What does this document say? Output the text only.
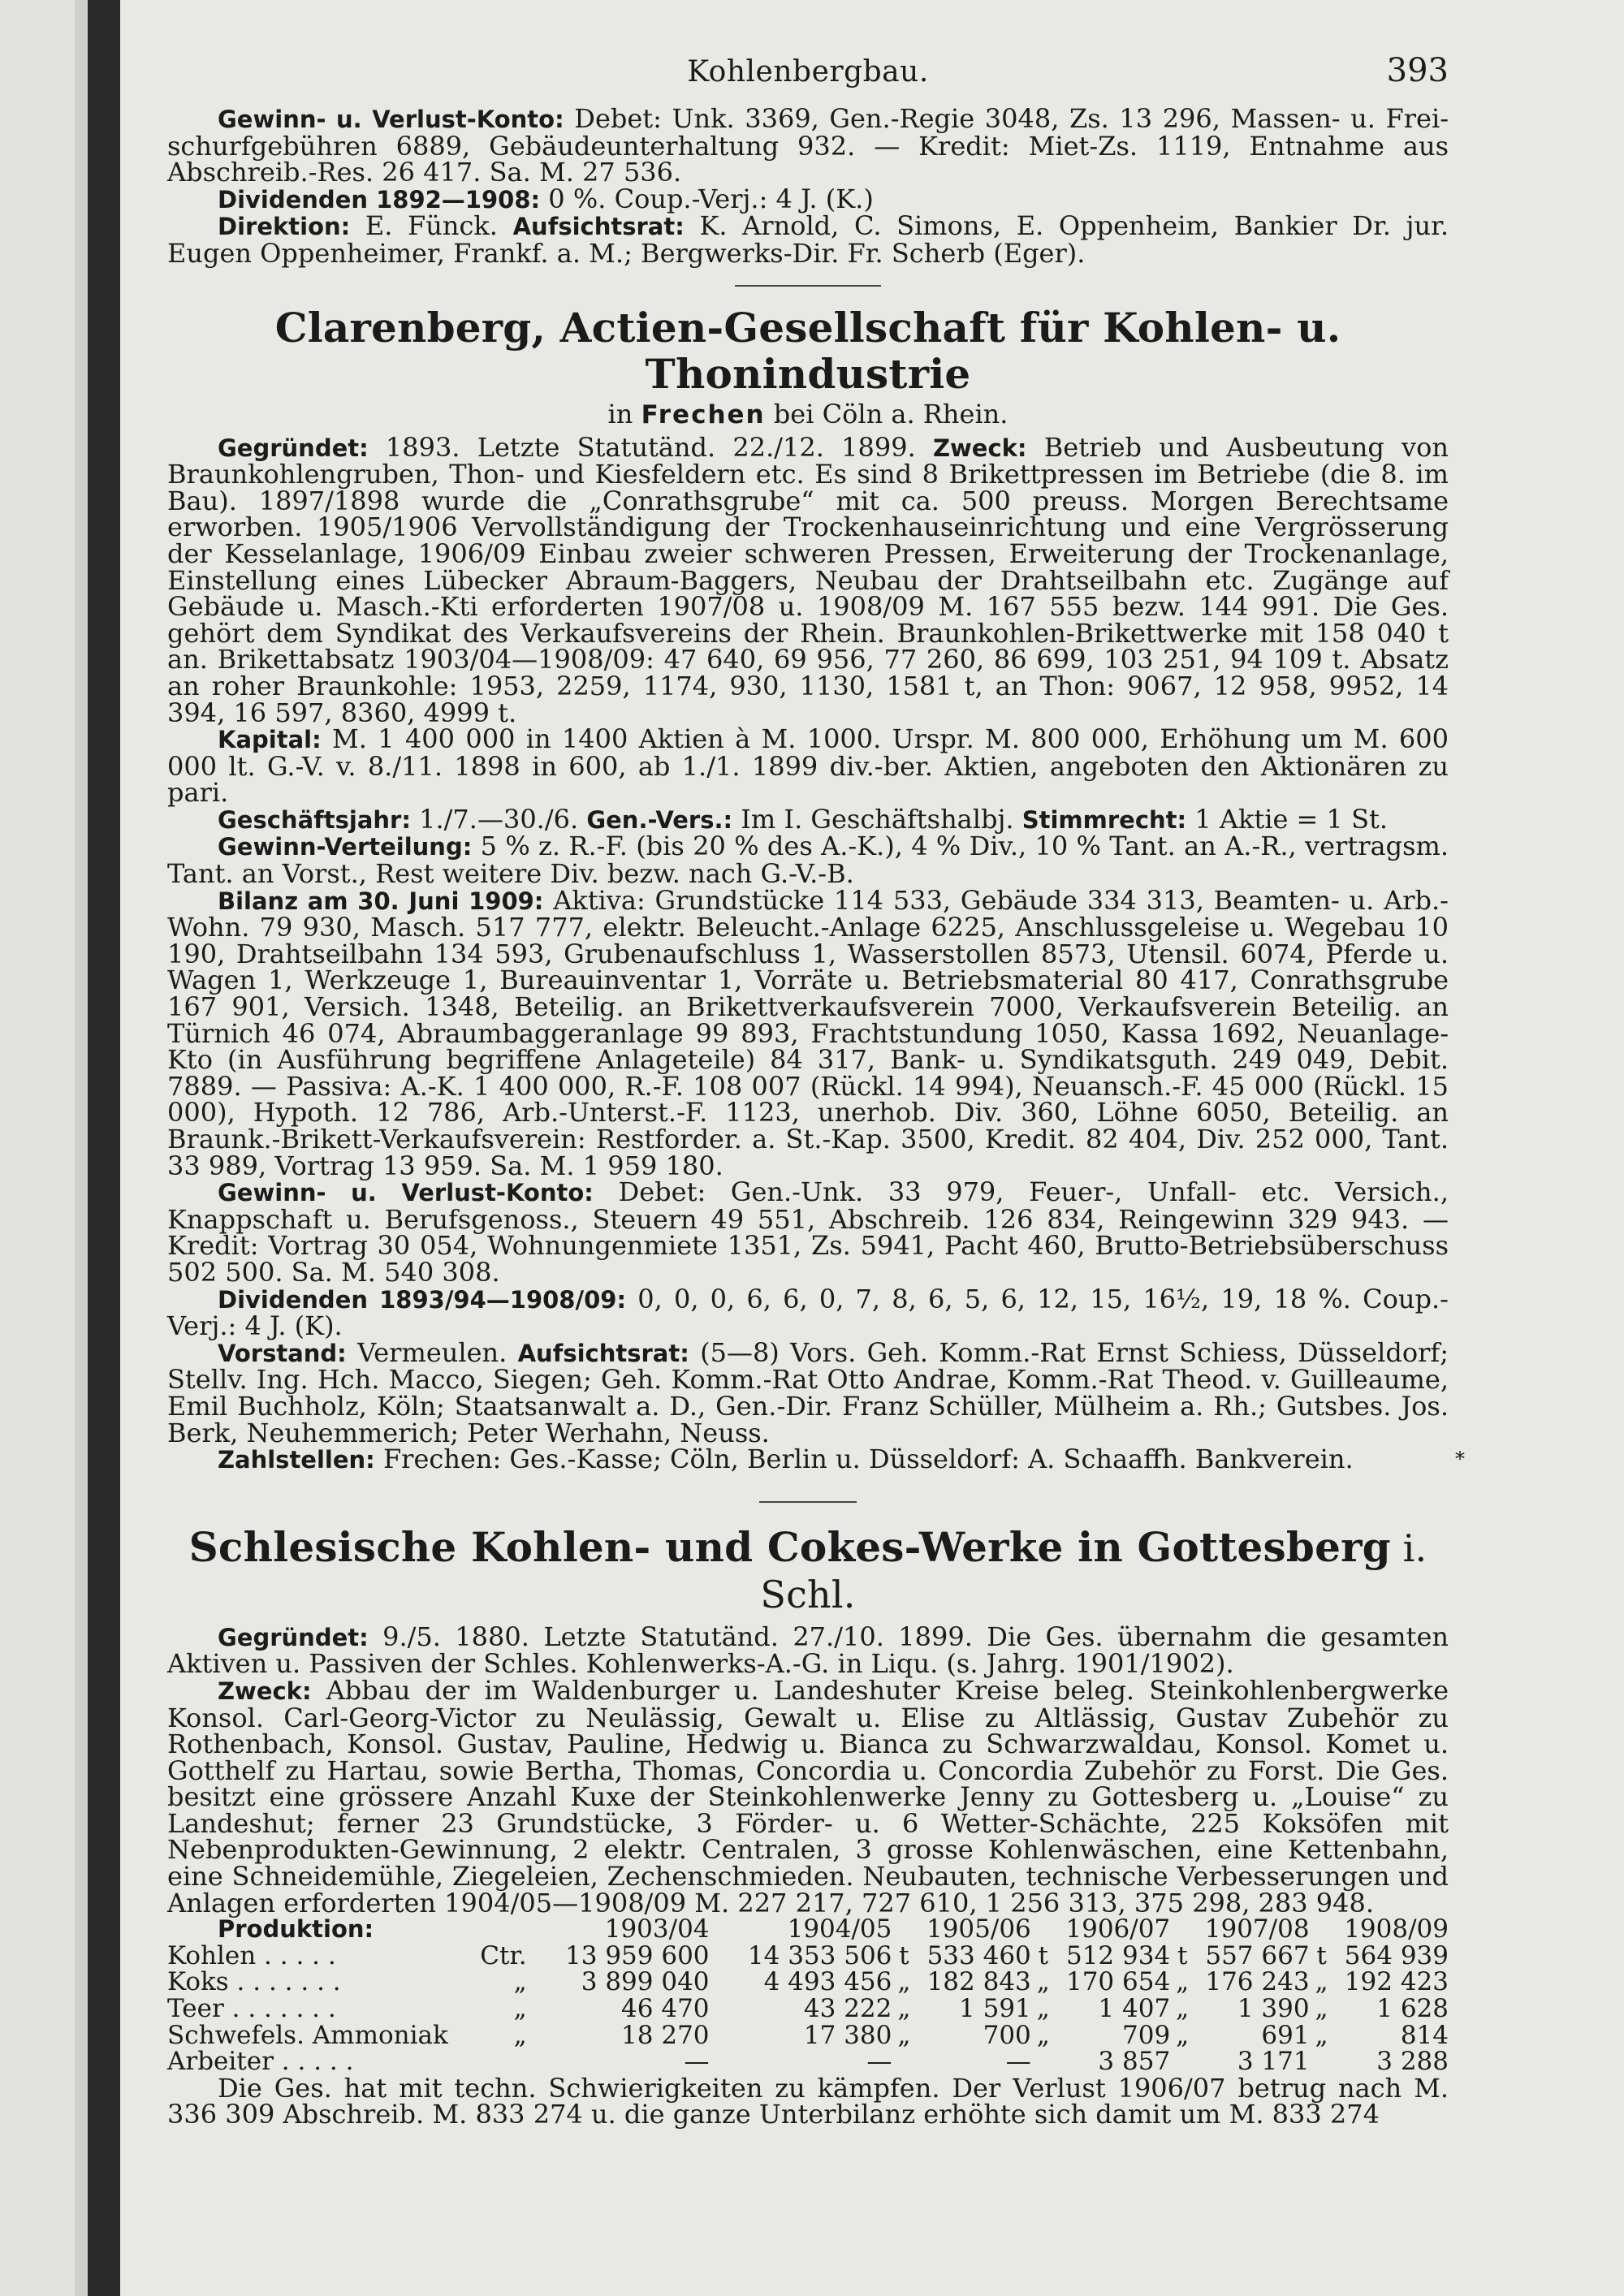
Kohlenbergbau.	393

Gewinn- u. Verlust-Konto: Debet: Unk. 3369, Gen.-Regie 3048, Zs. 13 296, Massen- u. Frei- schurfgebühren 6889, Gebäudeunterhaltung 932. — Kredit: Miet-Zs. 1119, Entnahme aus Abschreib.-Res. 26 417. Sa. M. 27 536.

Dividenden 1892—1908: 0 %. Coup.-Verj.: 4 J. (K.)

Direktion: E. Fünck. Aufsichtsrat: K. Arnold, C. Simons, E. Oppenheim, Bankier Dr. jur. Eugen Oppenheimer, Frankf. a. M.; Bergwerks-Dir. Fr. Scherb (Eger).

Clarenberg, Actien-Gesellschaft für Kohlen- u. Thonindustrie
in Frechen bei Cöln a. Rhein.

Gegründet: 1893. Letzte Statutänd. 22./12. 1899. Zweck: Betrieb und Ausbeutung von Braunkohlengruben, Thon- und Kiesfeldern etc. Es sind 8 Brikettpressen im Betriebe (die 8. im Bau). 1897/1898 wurde die „Conrathsgrube“ mit ca. 500 preuss. Morgen Berechtsame erworben. 1905/1906 Vervollständigung der Trockenhauseinrichtung und eine Vergrösserung der Kesselanlage, 1906/09 Einbau zweier schweren Pressen, Erweiterung der Trockenanlage, Einstellung eines Lübecker Abraum-Baggers, Neubau der Drahtseilbahn etc. Zugänge auf Gebäude u. Masch.-Kti erforderten 1907/08 u. 1908/09 M. 167 555 bezw. 144 991. Die Ges. gehört dem Syndikat des Verkaufsvereins der Rhein. Braunkohlen-Brikettwerke mit 158 040 t an. Brikettabsatz 1903/04—1908/09: 47 640, 69 956, 77 260, 86 699, 103 251, 94 109 t. Absatz an roher Braunkohle: 1953, 2259, 1174, 930, 1130, 1581 t, an Thon: 9067, 12 958, 9952, 14 394, 16 597, 8360, 4999 t.

Kapital: M. 1 400 000 in 1400 Aktien à M. 1000. Urspr. M. 800 000, Erhöhung um M. 600 000 lt. G.-V. v. 8./11. 1898 in 600, ab 1./1. 1899 div.-ber. Aktien, angeboten den Aktionären zu pari.

Geschäftsjahr: 1./7.—30./6. Gen.-Vers.: Im I. Geschäftshalbj. Stimmrecht: 1 Aktie = 1 St.

Gewinn-Verteilung: 5 % z. R.-F. (bis 20 % des A.-K.), 4 % Div., 10 % Tant. an A.-R., vertragsm. Tant. an Vorst., Rest weitere Div. bezw. nach G.-V.-B.

Bilanz am 30. Juni 1909: Aktiva: Grundstücke 114 533, Gebäude 334 313, Beamten- u. Arb.-Wohn. 79 930, Masch. 517 777, elektr. Beleucht.-Anlage 6225, Anschlussgeleise u. Wegebau 10 190, Drahtseilbahn 134 593, Grubenaufschluss 1, Wasserstollen 8573, Utensil. 6074, Pferde u. Wagen 1, Werkzeuge 1, Bureauinventar 1, Vorräte u. Betriebsmaterial 80 417, Conrathsgrube 167 901, Versich. 1348, Beteilig. an Brikettverkaufsverein 7000, Verkaufsverein Beteilig. an Türnich 46 074, Abraumbaggeranlage 99 893, Frachtstundung 1050, Kassa 1692, Neuanlage-Kto (in Ausführung begriffene Anlageteile) 84 317, Bank- u. Syndikatsguth. 249 049, Debit. 7889. — Passiva: A.-K. 1 400 000, R.-F. 108 007 (Rückl. 14 994), Neuansch.-F. 45 000 (Rückl. 15 000), Hypoth. 12 786, Arb.-Unterst.-F. 1123, unerhob. Div. 360, Löhne 6050, Beteilig. an Braunk.-Brikett-Verkaufsverein: Restforder. a. St.-Kap. 3500, Kredit. 82 404, Div. 252 000, Tant. 33 989, Vortrag 13 959. Sa. M. 1 959 180.

Gewinn- u. Verlust-Konto: Debet: Gen.-Unk. 33 979, Feuer-, Unfall- etc. Versich., Knappschaft u. Berufsgenoss., Steuern 49 551, Abschreib. 126 834, Reingewinn 329 943. — Kredit: Vortrag 30 054, Wohnungenmiete 1351, Zs. 5941, Pacht 460, Brutto-Betriebsüberschuss 502 500. Sa. M. 540 308.

Dividenden 1893/94—1908/09: 0, 0, 0, 6, 6, 0, 7, 8, 6, 5, 6, 12, 15, 16½, 19, 18 %. Coup.-Verj.: 4 J. (K).

Vorstand: Vermeulen. Aufsichtsrat: (5—8) Vors. Geh. Komm.-Rat Ernst Schiess, Düsseldorf; Stellv. Ing. Hch. Macco, Siegen; Geh. Komm.-Rat Otto Andrae, Komm.-Rat Theod. v. Guilleaume, Emil Buchholz, Köln; Staatsanwalt a. D., Gen.-Dir. Franz Schüller, Mülheim a. Rh.; Gutsbes. Jos. Berk, Neuhemmerich; Peter Werhahn, Neuss.

Zahlstellen: Frechen: Ges.-Kasse; Cöln, Berlin u. Düsseldorf: A. Schaaffh. Bankverein.	*

Schlesische Kohlen- und Cokes-Werke in Gottesberg i. Schl.

Gegründet: 9./5. 1880. Letzte Statutänd. 27./10. 1899. Die Ges. übernahm die gesamten Aktiven u. Passiven der Schles. Kohlenwerks-A.-G. in Liqu. (s. Jahrg. 1901/1902).

Zweck: Abbau der im Waldenburger u. Landeshuter Kreise beleg. Steinkohlenbergwerke Konsol. Carl-Georg-Victor zu Neulässig, Gewalt u. Elise zu Altlässig, Gustav Zubehör zu Rothenbach, Konsol. Gustav, Pauline, Hedwig u. Bianca zu Schwarzwaldau, Konsol. Komet u. Gotthelf zu Hartau, sowie Bertha, Thomas, Concordia u. Concordia Zubehör zu Forst. Die Ges. besitzt eine grössere Anzahl Kuxe der Steinkohlenwerke Jenny zu Gottesberg u. „Louise“ zu Landeshut; ferner 23 Grundstücke, 3 Förder- u. 6 Wetter-Schächte, 225 Koksöfen mit Nebenprodukten-Gewinnung, 2 elektr. Centralen, 3 grosse Kohlenwäschen, eine Kettenbahn, eine Schneidemühle, Ziegeleien, Zechenschmieden. Neubauten, technische Verbesserungen und Anlagen erforderten 1904/05—1908/09 M. 227 217, 727 610, 1 256 313, 375 298, 283 948.

Produktion:			1903/04		1904/05		1905/06		1906/07		1907/08		1908/09
Kohlen . . . . .	Ctr.		13 959 600		14 353 506	t	533 460	t	512 934	t	557 667	t	564 939
Koks . . . . . . .	„		3 899 040		4 493 456	„	182 843	„	170 654	„	176 243	„	192 423
Teer . . . . . . .	„		46 470		43 222	„	1 591	„	1 407	„	1 390	„	1 628
Schwefels. Ammoniak	„		18 270		17 380	„	700	„	709	„	691	„	814
Arbeiter . . . . .			—		—		—		3 857		3 171		3 288

Die Ges. hat mit techn. Schwierigkeiten zu kämpfen. Der Verlust 1906/07 betrug nach M. 336 309 Abschreib. M. 833 274 u. die ganze Unterbilanz erhöhte sich damit um M. 833 274
